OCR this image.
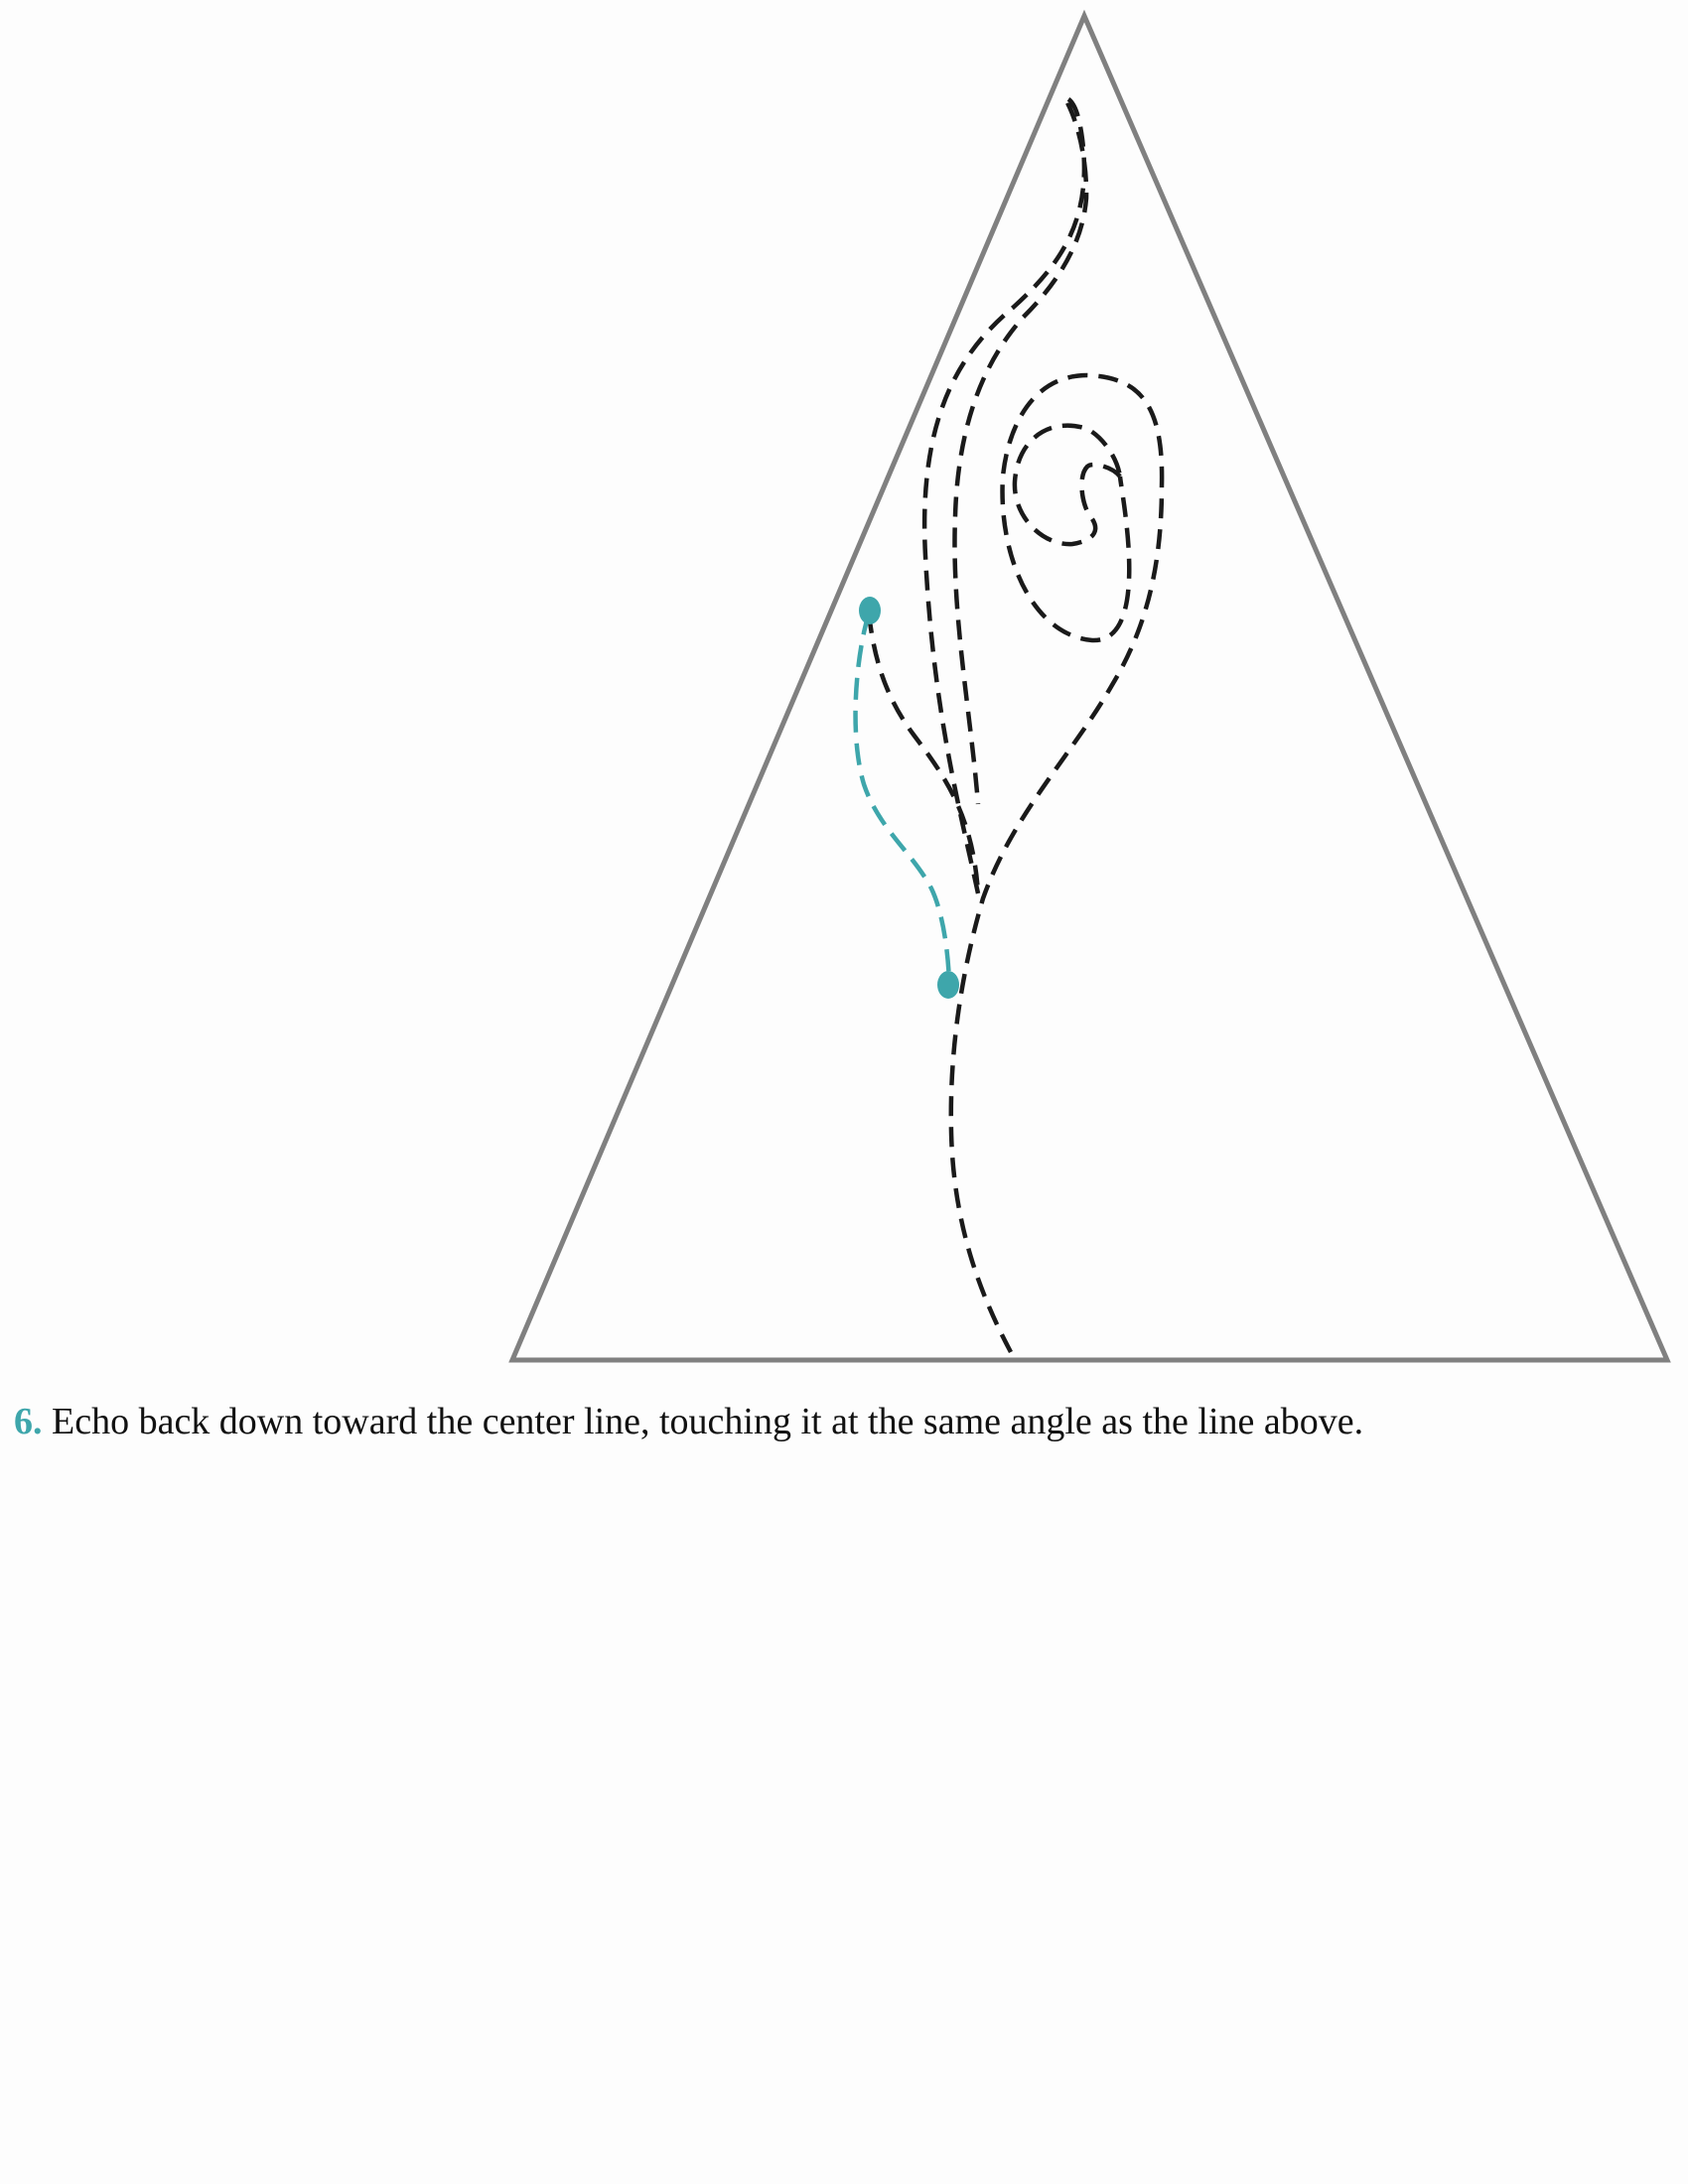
6. Echo back down toward the center line, touching it at the same angle as the line above.
